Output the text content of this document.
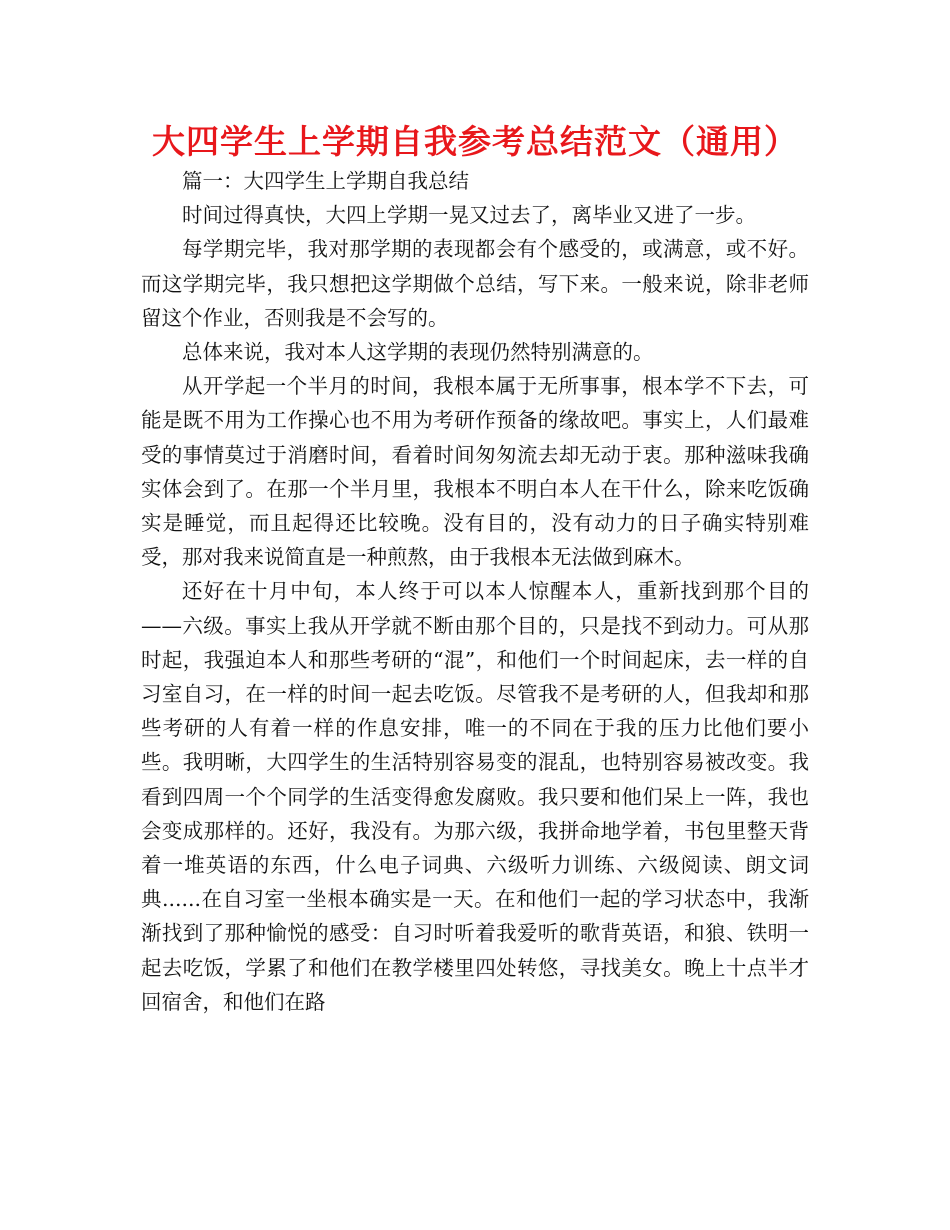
大四学生上学期自我参考总结范文（通用）

篇一：大四学生上学期自我总结

时间过得真快，大四上学期一晃又过去了，离毕业又进了一步。

每学期完毕，我对那学期的表现都会有个感受的，或满意，或不好。而这学期完毕，我只想把这学期做个总结，写下来。一般来说，除非老师留这个作业，否则我是不会写的。

总体来说，我对本人这学期的表现仍然特别满意的。

从开学起一个半月的时间，我根本属于无所事事，根本学不下去，可能是既不用为工作操心也不用为考研作预备的缘故吧。事实上，人们最难受的事情莫过于消磨时间，看着时间匆匆流去却无动于衷。那种滋味我确实体会到了。在那一个半月里，我根本不明白本人在干什么，除来吃饭确实是睡觉，而且起得还比较晚。没有目的，没有动力的日子确实特别难受，那对我来说简直是一种煎熬，由于我根本无法做到麻木。

还好在十月中旬，本人终于可以本人惊醒本人，重新找到那个目的——六级。事实上我从开学就不断由那个目的，只是找不到动力。可从那时起，我强迫本人和那些考研的“混”，和他们一个时间起床，去一样的自习室自习，在一样的时间一起去吃饭。尽管我不是考研的人，但我却和那些考研的人有着一样的作息安排，唯一的不同在于我的压力比他们要小些。我明晰，大四学生的生活特别容易变的混乱，也特别容易被改变。我看到四周一个个同学的生活变得愈发腐败。我只要和他们呆上一阵，我也会变成那样的。还好，我没有。为那六级，我拼命地学着，书包里整天背着一堆英语的东西，什么电子词典、六级听力训练、六级阅读、朗文词典......在自习室一坐根本确实是一天。在和他们一起的学习状态中，我渐渐找到了那种愉悦的感受：自习时听着我爱听的歌背英语，和狼、铁明一起去吃饭，学累了和他们在教学楼里四处转悠，寻找美女。晚上十点半才回宿舍，和他们在路
